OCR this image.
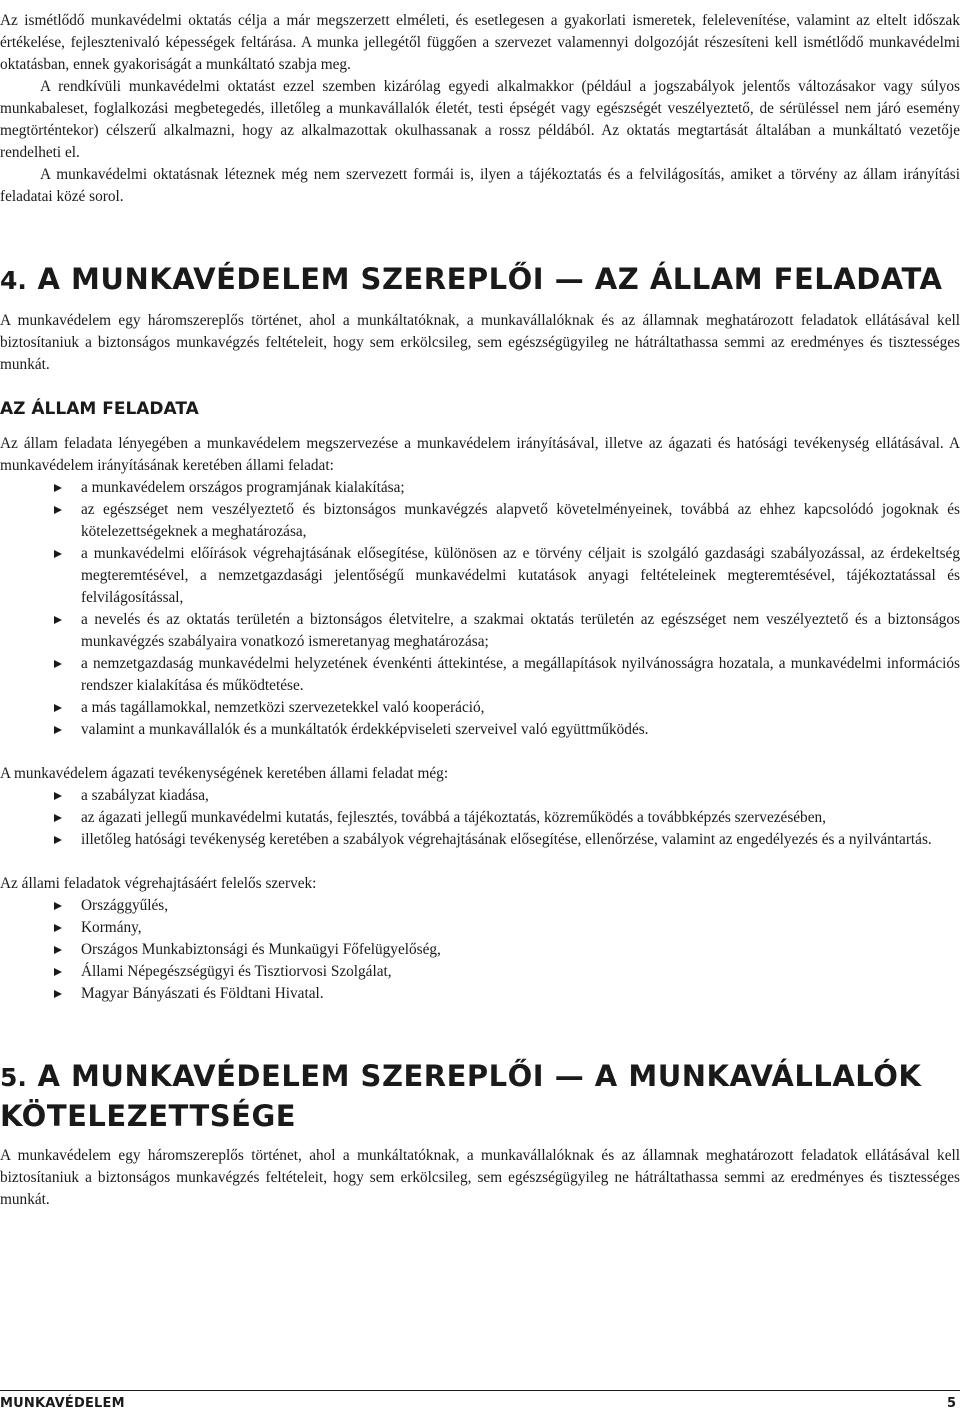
Az ismétlődő munkavédelmi oktatás célja a már megszerzett elméleti, és esetlegesen a gyakorlati ismeretek, felelevenítése, valamint az eltelt időszak értékelése, fejlesztenivaló képességek feltárása. A munka jellegétől függően a szervezet valamennyi dolgozóját részesíteni kell ismétlődő munkavédelmi oktatásban, ennek gyakoriságát a munkáltató szabja meg.

A rendkívüli munkavédelmi oktatást ezzel szemben kizárólag egyedi alkalmakkor (például a jogszabályok jelentős változásakor vagy súlyos munkabaleset, foglalkozási megbetegedés, illetőleg a munkavállalók életét, testi épségét vagy egészségét veszélyeztető, de sérüléssel nem járó esemény megtörténtekor) célszerű alkalmazni, hogy az alkalmazottak okulhassanak a rossz példából. Az oktatás megtartását általában a munkáltató vezetője rendelheti el.

A munkavédelmi oktatásnak léteznek még nem szervezett formái is, ilyen a tájékoztatás és a felvilágosítás, amiket a törvény az állam irányítási feladatai közé sorol.

4. A MUNKAVÉDELEM SZEREPLŐI — AZ ÁLLAM FELADATA

A munkavédelem egy háromszereplős történet, ahol a munkáltatóknak, a munkavállalóknak és az államnak meghatározott feladatok ellátásával kell biztosítaniuk a biztonságos munkavégzés feltételeit, hogy sem erkölcsileg, sem egészségügyileg ne hátráltathassa semmi az eredményes és tisztességes munkát.

AZ ÁLLAM FELADATA

Az állam feladata lényegében a munkavédelem megszervezése a munkavédelem irányításával, illetve az ágazati és hatósági tevékenység ellátásával. A munkavédelem irányításának keretében állami feladat:

a munkavédelem országos programjának kialakítása;
az egészséget nem veszélyeztető és biztonságos munkavégzés alapvető követelményeinek, továbbá az ehhez kapcsolódó jogoknak és kötelezettségeknek a meghatározása,
a munkavédelmi előírások végrehajtásának elősegítése, különösen az e törvény céljait is szolgáló gazdasági szabályozással, az érdekeltség megteremtésével, a nemzetgazdasági jelentőségű munkavédelmi kutatások anyagi feltételeinek megteremtésével, tájékoztatással és felvilágosítással,
a nevelés és az oktatás területén a biztonságos életvitelre, a szakmai oktatás területén az egészséget nem veszélyeztető és a biztonságos munkavégzés szabályaira vonatkozó ismeretanyag meghatározása;
a nemzetgazdaság munkavédelmi helyzetének évenkénti áttekintése, a megállapítások nyilvánosságra hozatala, a munkavédelmi információs rendszer kialakítása és működtetése.
a más tagállamokkal, nemzetközi szervezetekkel való kooperáció,
valamint a munkavállalók és a munkáltatók érdekképviseleti szerveivel való együttműködés.

A munkavédelem ágazati tevékenységének keretében állami feladat még:

a szabályzat kiadása,
az ágazati jellegű munkavédelmi kutatás, fejlesztés, továbbá a tájékoztatás, közreműködés a továbbképzés szervezésében,
illetőleg hatósági tevékenység keretében a szabályok végrehajtásának elősegítése, ellenőrzése, valamint az engedélyezés és a nyilvántartás.

Az állami feladatok végrehajtásáért felelős szervek:

Országgyűlés,
Kormány,
Országos Munkabiztonsági és Munkaügyi Főfelügyelőség,
Állami Népegészségügyi és Tisztiorvosi Szolgálat,
Magyar Bányászati és Földtani Hivatal.
5. A MUNKAVÉDELEM SZEREPLŐI — A MUNKAVÁLLALÓK
KÖTELEZETTSÉGE

A munkavédelem egy háromszereplős történet, ahol a munkáltatóknak, a munkavállalóknak és az államnak meghatározott feladatok ellátásával kell biztosítaniuk a biztonságos munkavégzés feltételeit, hogy sem erkölcsileg, sem egészségügyileg ne hátráltathassa semmi az eredményes és tisztességes munkát.

MUNKAVÉDELEM	5
